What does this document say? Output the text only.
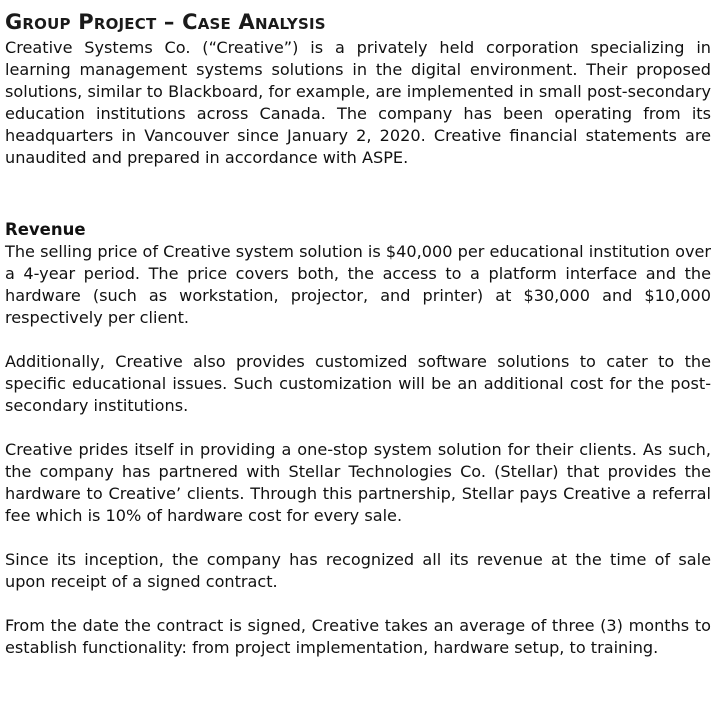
Group Project – Case Analysis

Creative Systems Co. (“Creative”) is a privately held corporation specializing in learning management systems solutions in the digital environment. Their proposed solutions, similar to Blackboard, for example, are implemented in small post-secondary education institutions across Canada. The company has been operating from its headquarters in Vancouver since January 2, 2020. Creative financial statements are unaudited and prepared in accordance with ASPE.

Revenue

The selling price of Creative system solution is $40,000 per educational institution over a 4-year period. The price covers both, the access to a platform interface and the hardware (such as workstation, projector, and printer) at $30,000 and $10,000 respectively per client.

Additionally, Creative also provides customized software solutions to cater to the specific educational issues. Such customization will be an additional cost for the post-secondary institutions.

Creative prides itself in providing a one-stop system solution for their clients. As such, the company has partnered with Stellar Technologies Co. (Stellar) that provides the hardware to Creative’ clients. Through this partnership, Stellar pays Creative a referral fee which is 10% of hardware cost for every sale.

Since its inception, the company has recognized all its revenue at the time of sale upon receipt of a signed contract.

From the date the contract is signed, Creative takes an average of three (3) months to establish functionality: from project implementation, hardware setup, to training.
